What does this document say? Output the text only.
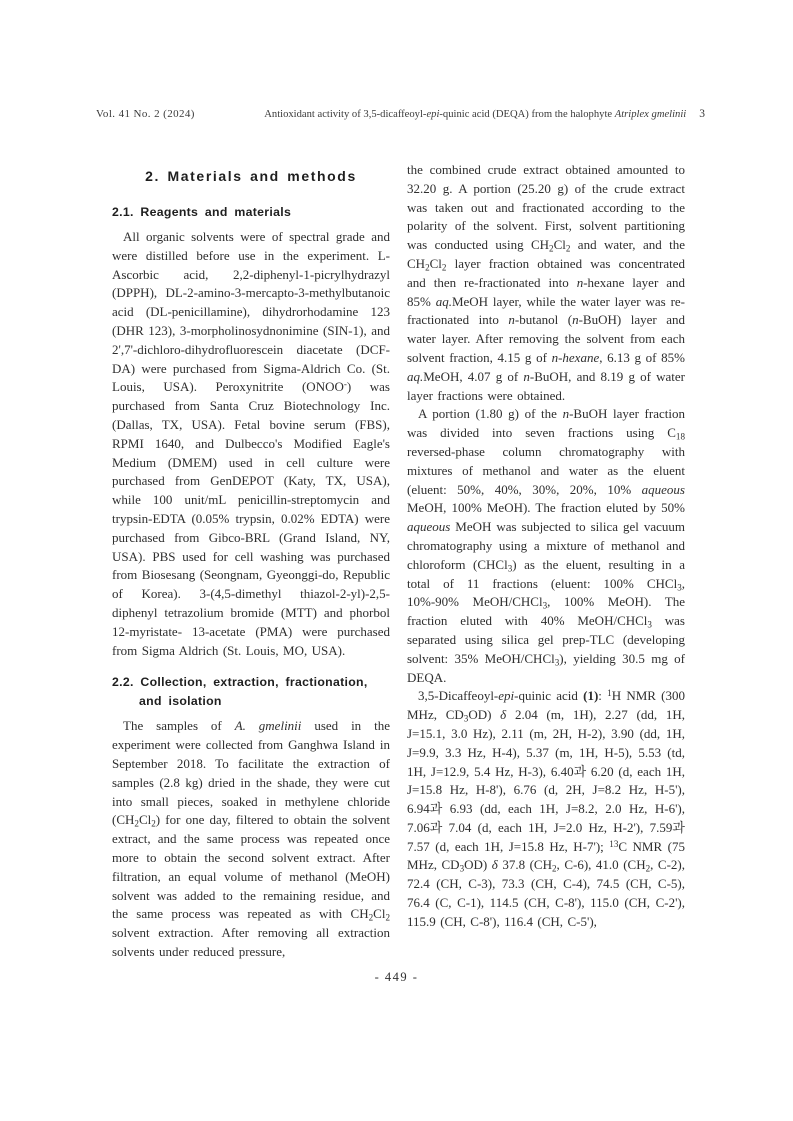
Vol. 41 No. 2 (2024)	Antioxidant activity of 3,5-dicaffeoyl-epi-quinic acid (DEQA) from the halophyte Atriplex gmelinii 3
2. Materials and methods
2.1. Reagents and materials

All organic solvents were of spectral grade and were distilled before use in the experiment. L-Ascorbic acid, 2,2-diphenyl-1-picrylhydrazyl (DPPH), DL-2-amino-3-mercapto-3-methylbutanoic acid (DL-penicillamine), dihydrorhodamine 123 (DHR 123), 3-morpholinosydnonimine (SIN-1), and 2',7'-dichloro-dihydrofluorescein diacetate (DCF-DA) were purchased from Sigma-Aldrich Co. (St. Louis, USA). Peroxynitrite (ONOO-) was purchased from Santa Cruz Biotechnology Inc. (Dallas, TX, USA). Fetal bovine serum (FBS), RPMI 1640, and Dulbecco's Modified Eagle's Medium (DMEM) used in cell culture were purchased from GenDEPOT (Katy, TX, USA), while 100 unit/mL penicillin-streptomycin and trypsin-EDTA (0.05% trypsin, 0.02% EDTA) were purchased from Gibco-BRL (Grand Island, NY, USA). PBS used for cell washing was purchased from Biosesang (Seongnam, Gyeonggi-do, Republic of Korea). 3-(4,5-dimethyl thiazol-2-yl)-2,5-diphenyl tetrazolium bromide (MTT) and phorbol 12-myristate- 13-acetate (PMA) were purchased from Sigma Aldrich (St. Louis, MO, USA).

2.2. Collection, extraction, fractionation, and isolation

The samples of A. gmelinii used in the experiment were collected from Ganghwa Island in September 2018. To facilitate the extraction of samples (2.8 kg) dried in the shade, they were cut into small pieces, soaked in methylene chloride (CH2Cl2) for one day, filtered to obtain the solvent extract, and the same process was repeated once more to obtain the second solvent extract. After filtration, an equal volume of methanol (MeOH) solvent was added to the remaining residue, and the same process was repeated as with CH2Cl2 solvent extraction. After removing all extraction solvents under reduced pressure,

the combined crude extract obtained amounted to 32.20 g. A portion (25.20 g) of the crude extract was taken out and fractionated according to the polarity of the solvent. First, solvent partitioning was conducted using CH2Cl2 and water, and the CH2Cl2 layer fraction obtained was concentrated and then re-fractionated into n-hexane layer and 85% aq.MeOH layer, while the water layer was re-fractionated into n-butanol (n-BuOH) layer and water layer. After removing the solvent from each solvent fraction, 4.15 g of n-hexane, 6.13 g of 85% aq.MeOH, 4.07 g of n-BuOH, and 8.19 g of water layer fractions were obtained.

A portion (1.80 g) of the n-BuOH layer fraction was divided into seven fractions using C18 reversed-phase column chromatography with mixtures of methanol and water as the eluent (eluent: 50%, 40%, 30%, 20%, 10% aqueous MeOH, 100% MeOH). The fraction eluted by 50% aqueous MeOH was subjected to silica gel vacuum chromatography using a mixture of methanol and chloroform (CHCl3) as the eluent, resulting in a total of 11 fractions (eluent: 100% CHCl3, 10%-90% MeOH/CHCl3, 100% MeOH). The fraction eluted with 40% MeOH/CHCl3 was separated using silica gel prep-TLC (developing solvent: 35% MeOH/CHCl3), yielding 30.5 mg of DEQA.

3,5-Dicaffeoyl-epi-quinic acid (1): $^1$H NMR (300 MHz, CD3OD) δ 2.04 (m, 1H), 2.27 (dd, 1H, J=15.1, 3.0 Hz), 2.11 (m, 2H, H-2), 3.90 (dd, 1H, J=9.9, 3.3 Hz, H-4), 5.37 (m, 1H, H-5), 5.53 (td, 1H, J=12.9, 5.4 Hz, H-3), 6.40과 6.20 (d, each 1H, J=15.8 Hz, H-8'), 6.76 (d, 2H, J=8.2 Hz, H-5'), 6.94과 6.93 (dd, each 1H, J=8.2, 2.0 Hz, H-6'), 7.06과 7.04 (d, each 1H, J=2.0 Hz, H-2'), 7.59과 7.57 (d, each 1H, J=15.8 Hz, H-7'); $^{13}$C NMR (75 MHz, CD3OD) δ 37.8 (CH2, C-6), 41.0 (CH2, C-2), 72.4 (CH, C-3), 73.3 (CH, C-4), 74.5 (CH, C-5), 76.4 (C, C-1), 114.5 (CH, C-8'), 115.0 (CH, C-2'), 115.9 (CH, C-8'), 116.4 (CH, C-5'),

- 449 -
